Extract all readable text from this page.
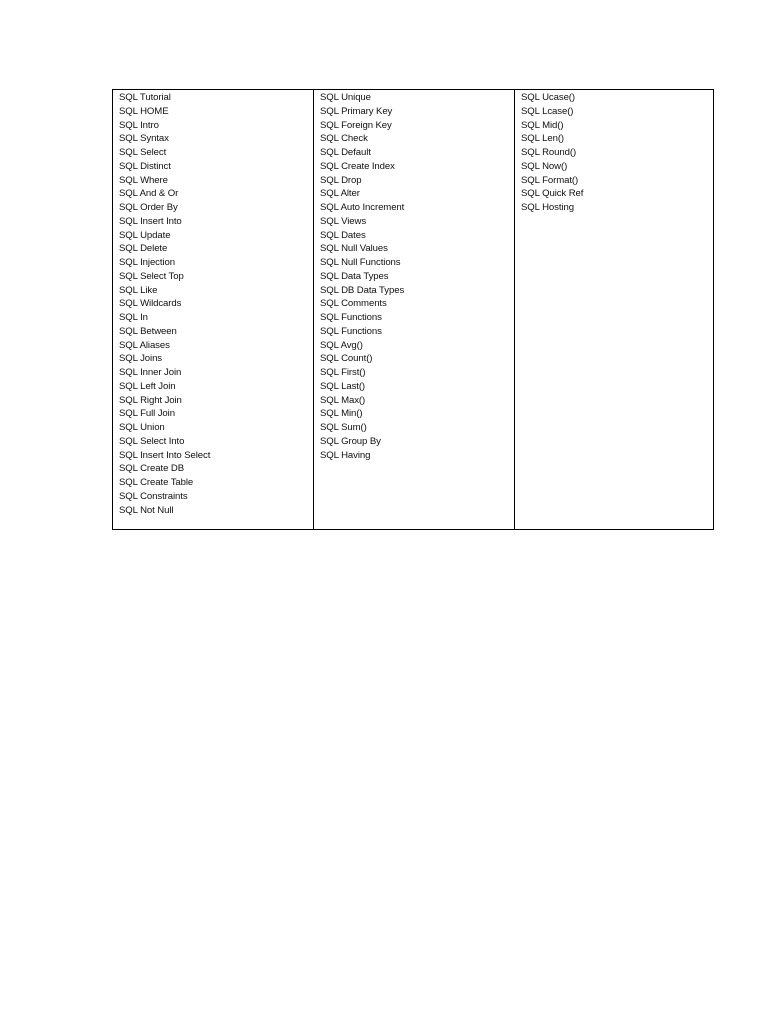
SQL Tutorial
SQL HOME
SQL Intro
SQL Syntax
SQL Select
SQL Distinct
SQL Where
SQL And & Or
SQL Order By
SQL Insert Into
SQL Update
SQL Delete
SQL Injection
SQL Select Top
SQL Like
SQL Wildcards
SQL In
SQL Between
SQL Aliases
SQL Joins
SQL Inner Join
SQL Left Join
SQL Right Join
SQL Full Join
SQL Union
SQL Select Into
SQL Insert Into Select
SQL Create DB
SQL Create Table
SQL Constraints
SQL Not Null
SQL Unique
SQL Primary Key
SQL Foreign Key
SQL Check
SQL Default
SQL Create Index
SQL Drop
SQL Alter
SQL Auto Increment
SQL Views
SQL Dates
SQL Null Values
SQL Null Functions
SQL Data Types
SQL DB Data Types
SQL Comments
SQL Functions
SQL Functions
SQL Avg()
SQL Count()
SQL First()
SQL Last()
SQL Max()
SQL Min()
SQL Sum()
SQL Group By
SQL Having
SQL Ucase()
SQL Lcase()
SQL Mid()
SQL Len()
SQL Round()
SQL Now()
SQL Format()
SQL Quick Ref
SQL Hosting
